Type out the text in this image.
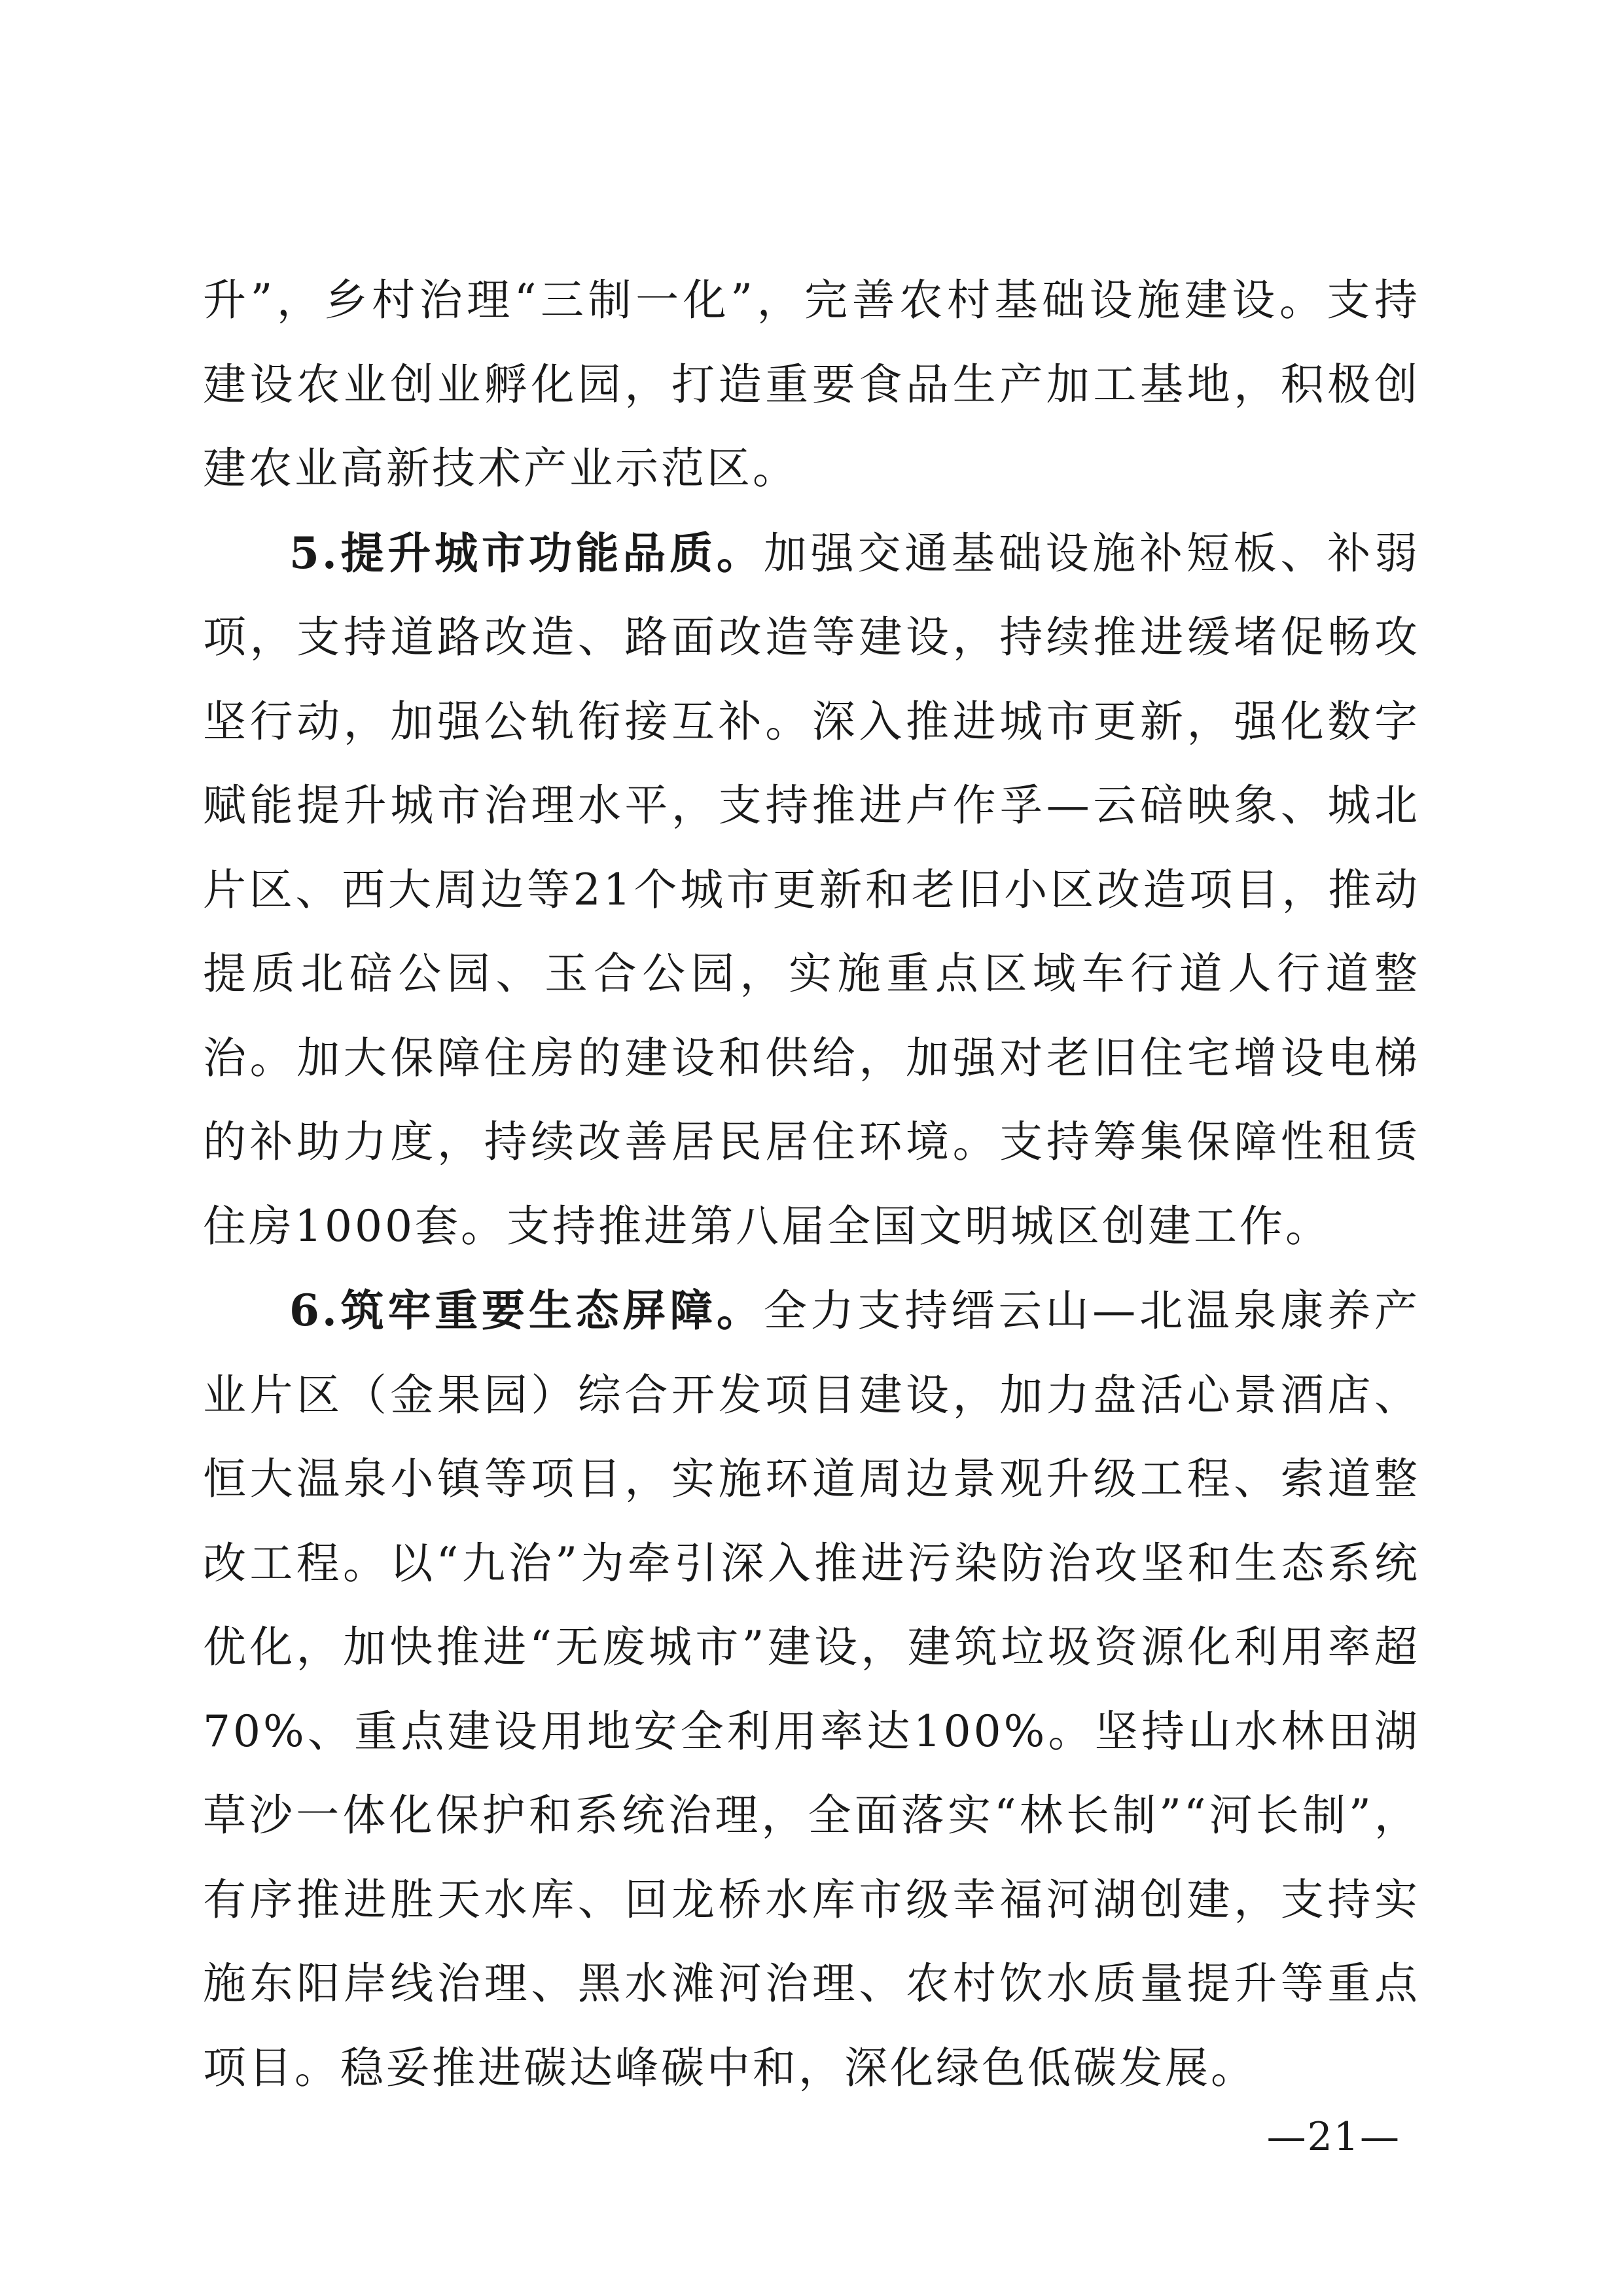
升”，乡村治理“三制一化”，完善农村基础设施建设。支持建设农业创业孵化园，打造重要食品生产加工基地，积极创建农业高新技术产业示范区。

5.提升城市功能品质。加强交通基础设施补短板、补弱项，支持道路改造、路面改造等建设，持续推进缓堵促畅攻坚行动，加强公轨衔接互补。深入推进城市更新，强化数字赋能提升城市治理水平，支持推进卢作孚—云碚映象、城北片区、西大周边等21个城市更新和老旧小区改造项目，推动提质北碚公园、玉合公园，实施重点区域车行道人行道整治。加大保障住房的建设和供给，加强对老旧住宅增设电梯的补助力度，持续改善居民居住环境。支持筹集保障性租赁住房1000套。支持推进第八届全国文明城区创建工作。

6.筑牢重要生态屏障。全力支持缙云山—北温泉康养产业片区（金果园）综合开发项目建设，加力盘活心景酒店、恒大温泉小镇等项目，实施环道周边景观升级工程、索道整改工程。以“九治”为牵引深入推进污染防治攻坚和生态系统优化，加快推进“无废城市”建设，建筑垃圾资源化利用率超70%、重点建设用地安全利用率达100%。坚持山水林田湖草沙一体化保护和系统治理，全面落实“林长制”“河长制”，有序推进胜天水库、回龙桥水库市级幸福河湖创建，支持实施东阳岸线治理、黑水滩河治理、农村饮水质量提升等重点项目。稳妥推进碳达峰碳中和，深化绿色低碳发展。

—21—
